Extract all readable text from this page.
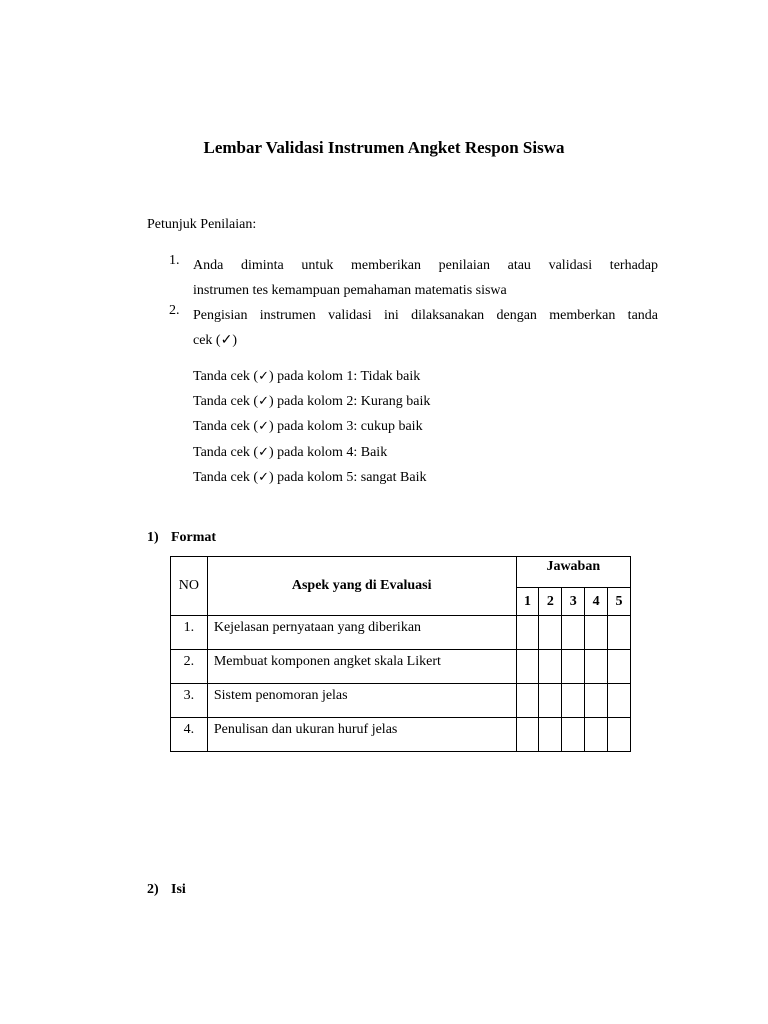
Lembar Validasi Instrumen Angket Respon Siswa
Petunjuk Penilaian:
1. Anda diminta untuk memberikan penilaian atau validasi terhadap
instrumen tes kemampuan pemahaman matematis siswa
2. Pengisian instrumen validasi ini dilaksanakan dengan memberkan tanda
cek (✓)
Tanda cek (✓) pada kolom 1: Tidak baik
Tanda cek (✓) pada kolom 2: Kurang baik
Tanda cek (✓) pada kolom 3: cukup baik
Tanda cek (✓) pada kolom 4: Baik
Tanda cek (✓) pada kolom 5: sangat Baik
1) Format
NO	Aspek yang di Evaluasi	Jawaban				
		1	2	3	4	5
1.	Kejelasan pernyataan yang diberikan					
2.	Membuat komponen angket skala Likert					
3.	Sistem penomoran jelas					
4.	Penulisan dan ukuran huruf jelas					
2) Isi
